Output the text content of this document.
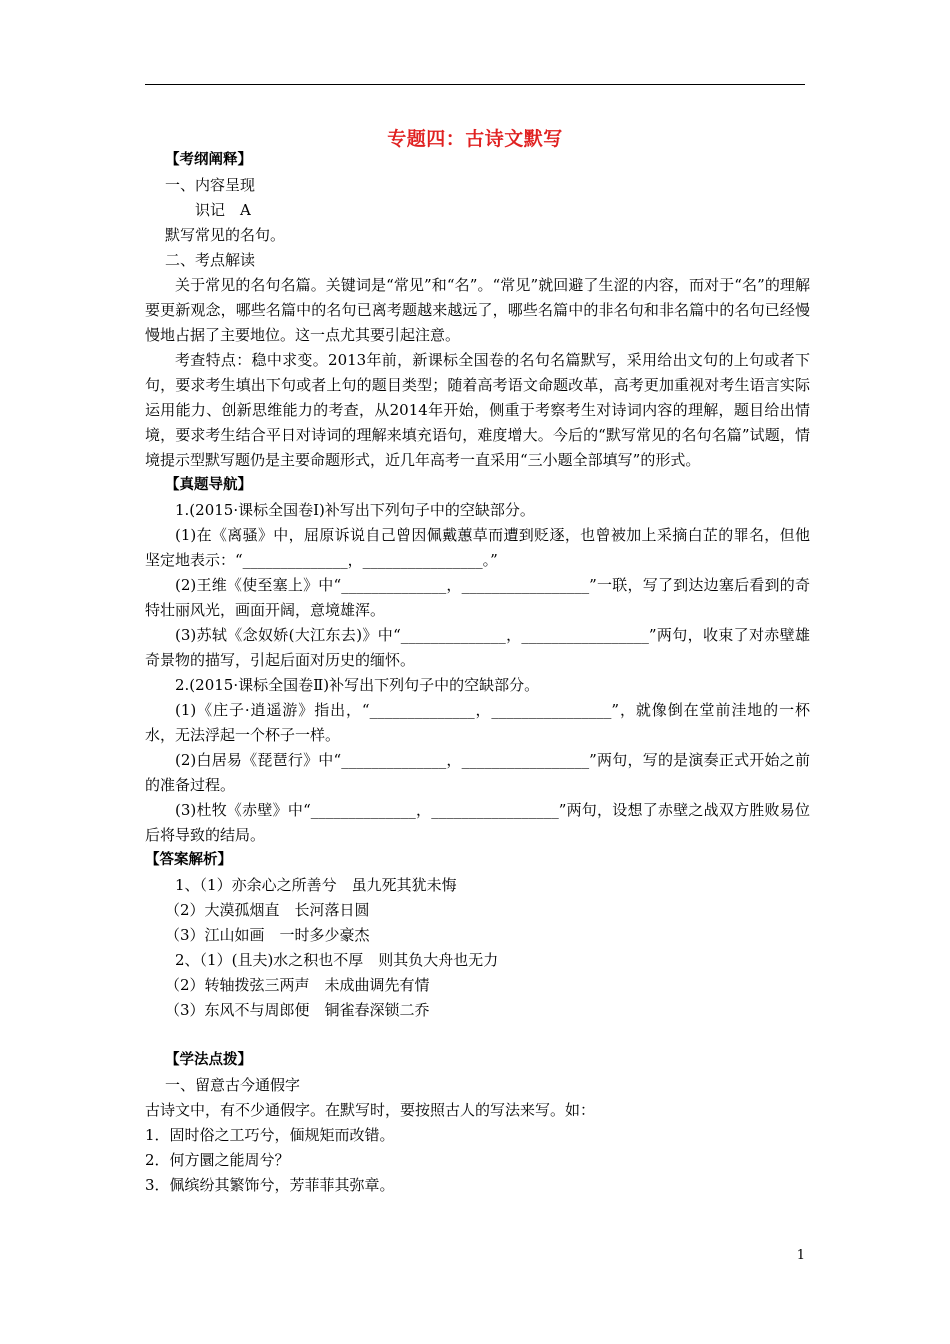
专题四：古诗文默写
【考纲阐释】
一、内容呈现
识记　A
默写常见的名句。
二、考点解读
关于常见的名句名篇。关键词是“常见”和“名”。“常见”就回避了生涩的内容，而对于“名”的理解要更新观念，哪些名篇中的名句已离考题越来越远了，哪些名篇中的非名句和非名篇中的名句已经慢慢地占据了主要地位。这一点尤其要引起注意。
考查特点：稳中求变。2013年前，新课标全国卷的名句名篇默写，采用给出文句的上句或者下句，要求考生填出下句或者上句的题目类型；随着高考语文命题改革，高考更加重视对考生语言实际运用能力、创新思维能力的考查，从2014年开始，侧重于考察考生对诗词内容的理解，题目给出情境，要求考生结合平日对诗词的理解来填充语句，难度增大。今后的“默写常见的名句名篇”试题，情境提示型默写题仍是主要命题形式，近几年高考一直采用“三小题全部填写”的形式。
【真题导航】
1.(2015·课标全国卷Ⅰ)补写出下列句子中的空缺部分。
(1)在《离骚》中，屈原诉说自己曾因佩戴蕙草而遭到贬逐，也曾被加上采摘白芷的罪名，但他坚定地表示：“______________，________________。”
(2)王维《使至塞上》中“______________，_________________”一联，写了到达边塞后看到的奇特壮丽风光，画面开阔，意境雄浑。
(3)苏轼《念奴娇(大江东去)》中“______________，_________________”两句，收束了对赤壁雄奇景物的描写，引起后面对历史的缅怀。
2.(2015·课标全国卷Ⅱ)补写出下列句子中的空缺部分。
(1)《庄子·逍遥游》指出，“______________，________________”，就像倒在堂前洼地的一杯水，无法浮起一个杯子一样。
(2)白居易《琵琶行》中“______________，_________________”两句，写的是演奏正式开始之前的准备过程。
(3)杜牧《赤壁》中“______________，_________________”两句，设想了赤壁之战双方胜败易位后将导致的结局。
【答案解析】
1、（1）亦余心之所善兮　虽九死其犹未悔
（2）大漠孤烟直　长河落日圆
（3）江山如画　一时多少豪杰
2、（1）(且夫)水之积也不厚　则其负大舟也无力
（2）转轴拨弦三两声　未成曲调先有情
（3）东风不与周郎便　铜雀春深锁二乔
【学法点拨】
一、留意古今通假字
古诗文中，有不少通假字。在默写时，要按照古人的写法来写。如：
1．固时俗之工巧兮，偭规矩而改错。
2．何方圜之能周兮？
3．佩缤纷其繁饰兮，芳菲菲其弥章。
1
